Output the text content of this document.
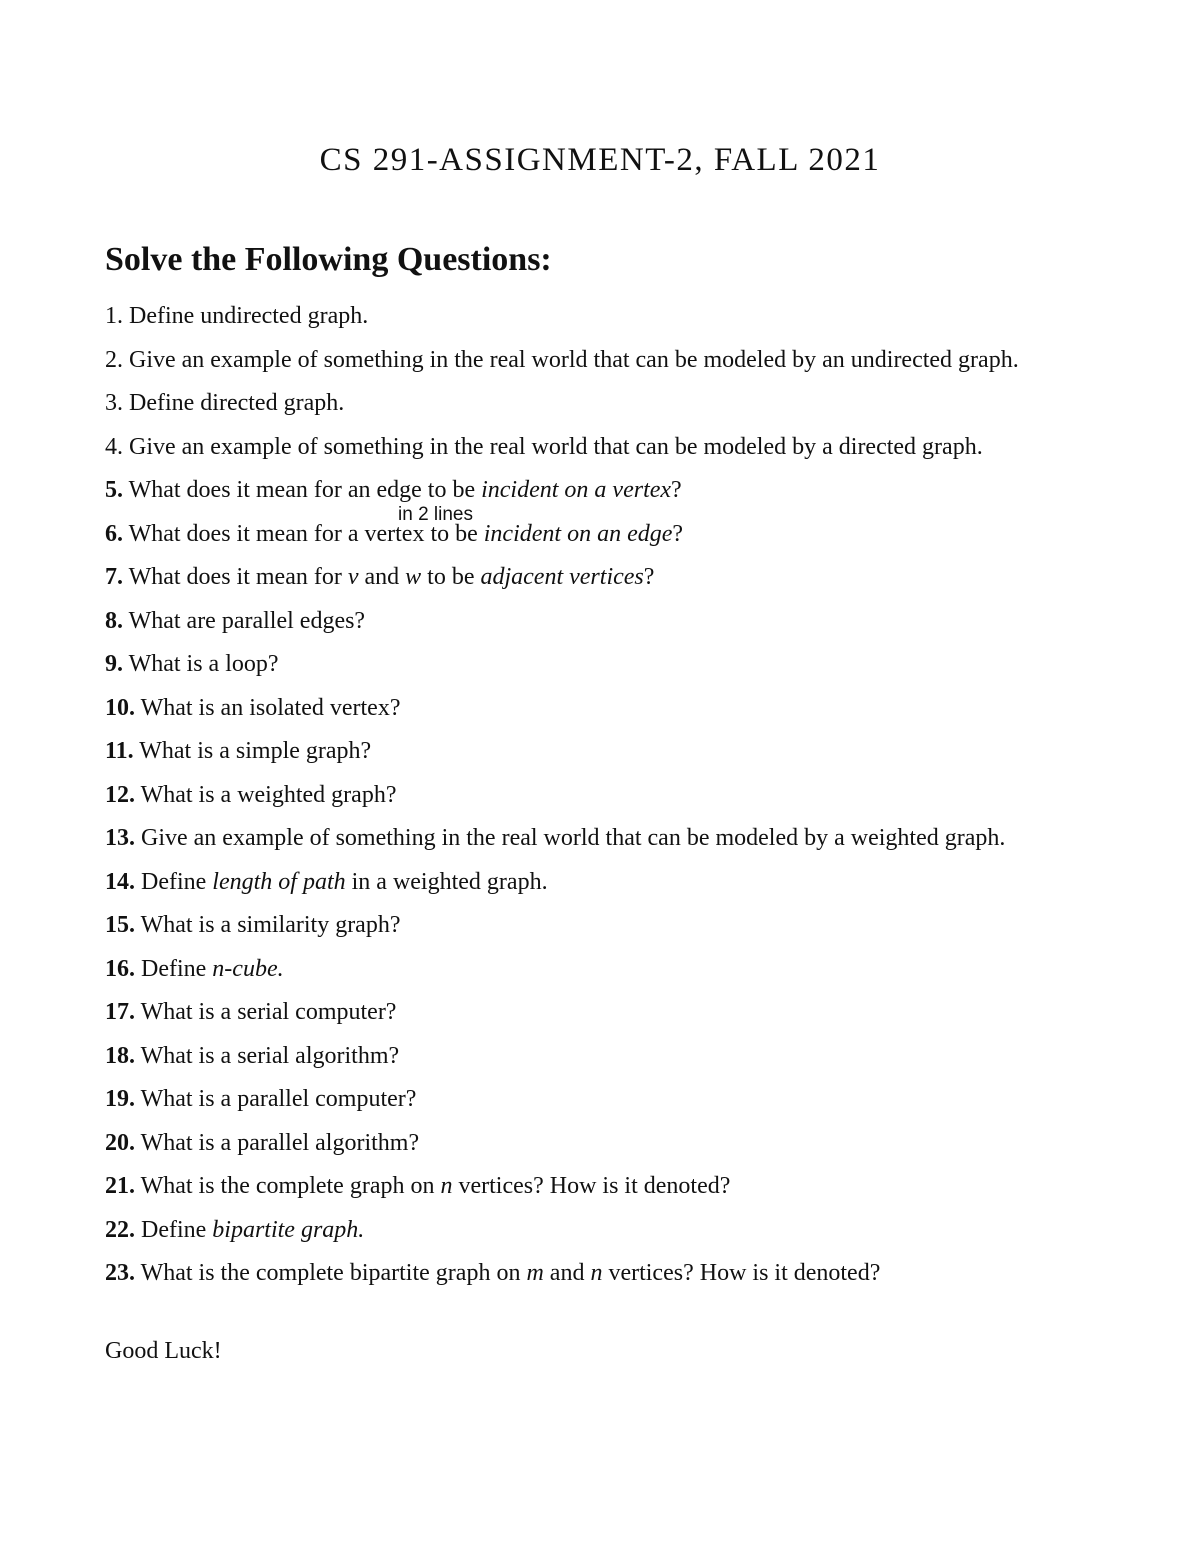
CS 291-ASSIGNMENT-2, FALL 2021
Solve the Following Questions:
1. Define undirected graph.
2. Give an example of something in the real world that can be modeled by an undirected graph.
3. Define directed graph.
4. Give an example of something in the real world that can be modeled by a directed graph.
5. What does it mean for an edge to be incident on a vertex?
6. What does it mean for a vertex to be incident on an edge?
7. What does it mean for v and w to be adjacent vertices?
8. What are parallel edges?
9. What is a loop?
10. What is an isolated vertex?
11. What is a simple graph?
12. What is a weighted graph?
13. Give an example of something in the real world that can be modeled by a weighted graph.
14. Define length of path in a weighted graph.
15. What is a similarity graph?
16. Define n-cube.
17. What is a serial computer?
18. What is a serial algorithm?
19. What is a parallel computer?
20. What is a parallel algorithm?
21. What is the complete graph on n vertices? How is it denoted?
22. Define bipartite graph.
23. What is the complete bipartite graph on m and n vertices? How is it denoted?
in 2 lines

Good Luck!
